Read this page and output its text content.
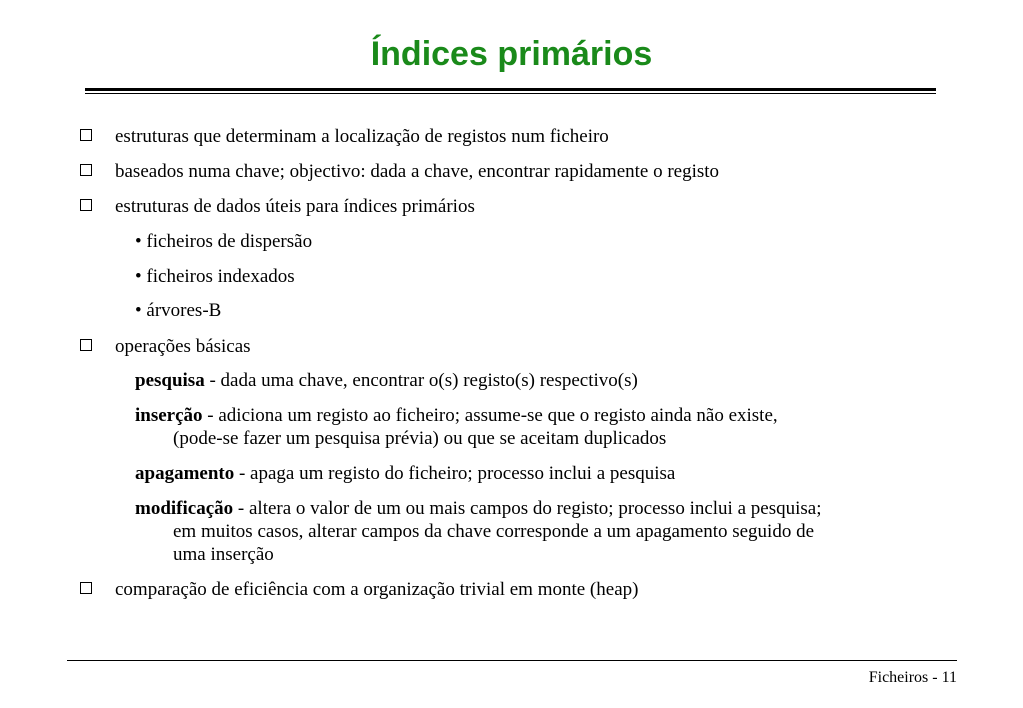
Índices primários
estruturas que determinam a localização de registos num ficheiro
baseados numa chave; objectivo: dada a chave, encontrar rapidamente o registo
estruturas de dados úteis para índices primários
• ficheiros de dispersão
• ficheiros indexados
• árvores-B
operações básicas
pesquisa - dada uma chave, encontrar o(s) registo(s) respectivo(s)
inserção - adiciona um registo ao ficheiro; assume-se que o registo ainda não existe,
(pode-se fazer um pesquisa prévia) ou que se aceitam duplicados
apagamento - apaga um registo do ficheiro; processo inclui a pesquisa
modificação - altera o valor de um ou mais campos do registo; processo inclui a pesquisa;
em muitos casos, alterar campos da chave corresponde a um apagamento seguido de
uma inserção
comparação de eficiência com a organização trivial em monte (heap)
Ficheiros - 11
